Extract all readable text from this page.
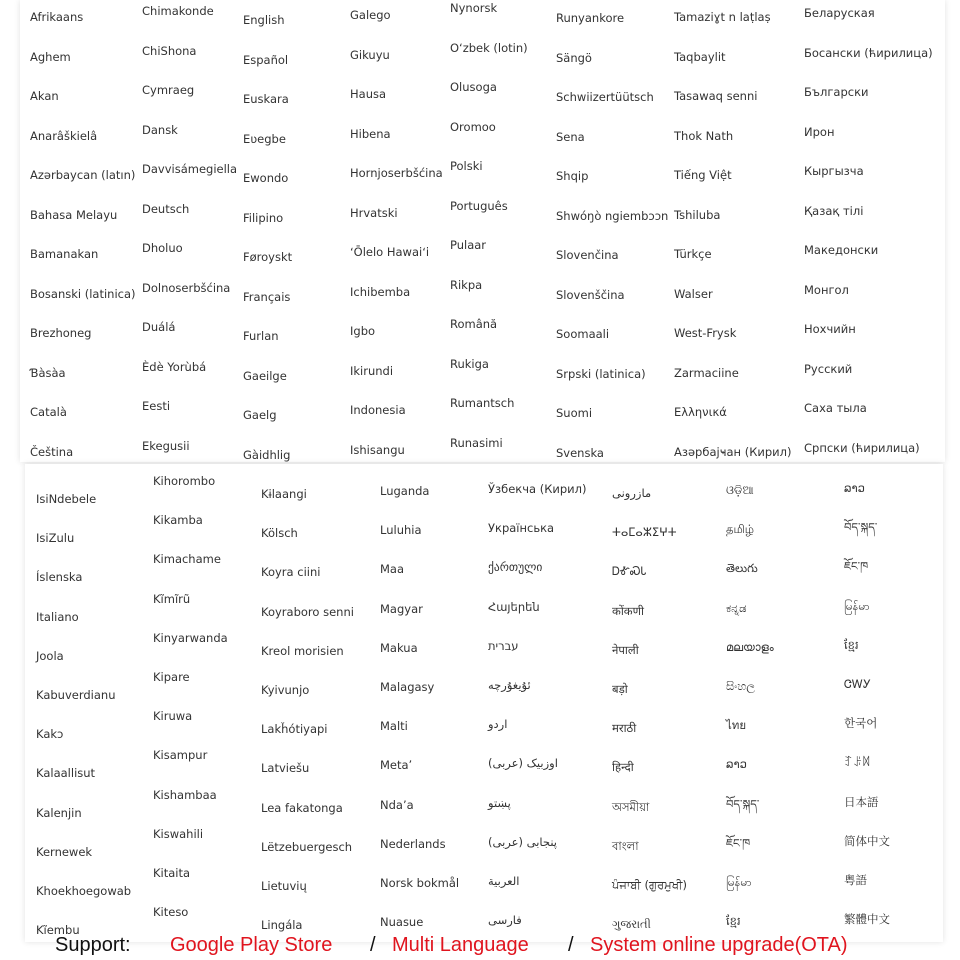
Support: Google Play Store / Multi Language / System online upgrade(OTA)
Afrikaans
Aghem
Akan
Anarâškielâ
Azərbaycan (latın)
Bahasa Melayu
Bamanakan
Bosanski (latinica)
Brezhoneg
Ɓàsàa
Català
Čeština
Chimakonde
ChiShona
Cymraeg
Dansk
Davvisámegiella
Deutsch
Dholuo
Dolnoserbšćina
Duálá
Èdè Yorùbá
Eesti
Ekegusii
English
Español
Euskara
Eʋegbe
Ewondo
Filipino
Føroyskt
Français
Furlan
Gaeilge
Gaelg
Gàidhlig
Galego
Gikuyu
Hausa
Hibena
Hornjoserbšćina
Hrvatski
ʻŌlelo Hawaiʻi
Ichibemba
Igbo
Ikirundi
Indonesia
Ishisangu
Nynorsk
O‘zbek (lotin)
Olusoga
Oromoo
Polski
Português
Pulaar
Rikpa
Română
Rukiga
Rumantsch
Runasimi
Runyankore
Sängö
Schwiizertüütsch
Sena
Shqip
Shwóŋò ngiembɔɔn
Slovenčina
Slovenščina
Soomaali
Srpski (latinica)
Suomi
Svenska
Tamaziɣt n laṭlaṣ
Taqbaylit
Tasawaq senni
Thok Nath
Tiếng Việt
Tshiluba
Türkçe
Walser
West-Frysk
Zarmaciine
Ελληνικά
Азәрбајҹан (Кирил)
Беларуская
Босански (ћирилица)
Български
Ирон
Кыргызча
Қазақ тілі
Македонски
Монгол
Нохчийн
Русский
Саха тыла
Српски (ћирилица)
IsiNdebele
IsiZulu
Íslenska
Italiano
Joola
Kabuverdianu
Kakɔ
Kalaallisut
Kalenjin
Kernewek
Khoekhoegowab
Kĩembu
Kihorombo
Kikamba
Kimachame
Kĩmĩrũ
Kinyarwanda
Kipare
Kiruwa
Kisampur
Kishambaa
Kiswahili
Kitaita
Kiteso
Kɨlaangi
Kölsch
Koyra ciini
Koyraboro senni
Kreol morisien
Kyivunjo
Lakȟótiyapi
Latviešu
Lea fakatonga
Lëtzebuergesch
Lietuvių
Lingála
Luganda
Luluhia
Maa
Magyar
Makua
Malagasy
Malti
Metaʼ
Nda’a
Nederlands
Norsk bokmål
Nuasue
Ўзбекча (Кирил)
Українська
ქართული
Հայերեն
עברית
ئۇيغۇرچە
اردو
اوزبیک (عربی)
پښتو
پنجابی (عربی)
العربية
فارسی
مازرونی
ⵜⴰⵎⴰⵣⵉⵖⵜ
ᎠᎹᏍᏓ
कोंकणी
नेपाली
बड़ो
मराठी
हिन्दी
অসমীয়া
বাংলা
ਪੰਜਾਬੀ (ਗੁਰਮੁਖੀ)
ગુજરાતી
ଓଡ଼ିଆ
தமிழ்
తెలుగు
ಕನ್ನಡ
മലയാളം
සිංහල
ไทย
ລາວ
བོད་སྐད་
ཇོང་ཁ
မြန်မာ
ខ្មែរ
ລາວ
བོད་སྐད་
ཇོང་ཁ
မြန်မာ
ខ្មែរ
ᏣᎳᎩ
한국어
ꆈꌠꉙ
日本語
简体中文
粤語
繁體中文
